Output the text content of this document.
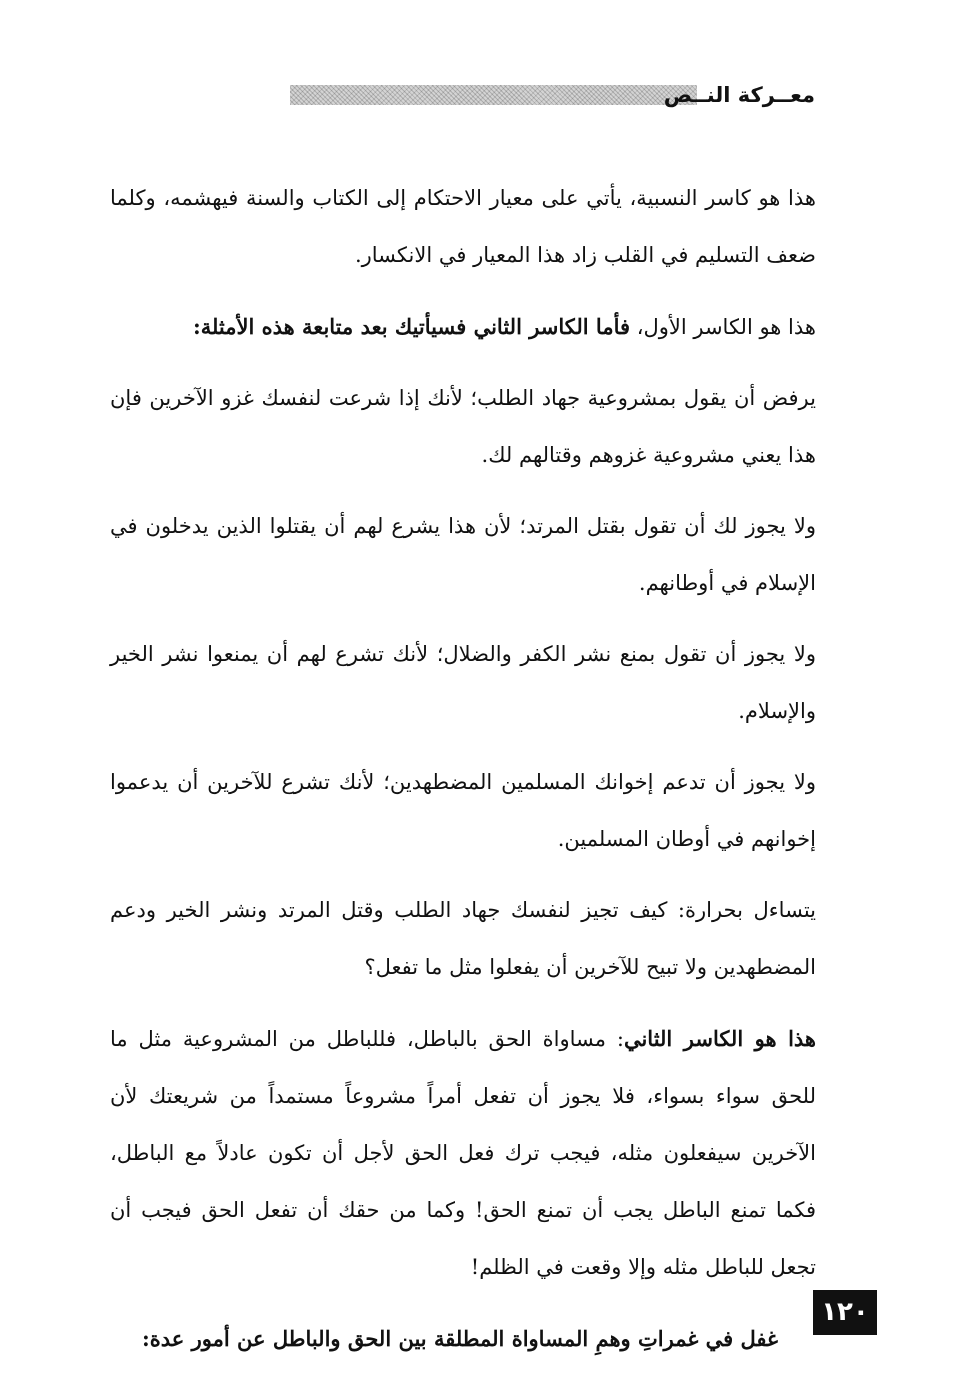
معــركة النــص

هذا هو كاسر النسبية، يأتي على معيار الاحتكام إلى الكتاب والسنة فيهشمه، وكلما ضعف التسليم في القلب زاد هذا المعيار في الانكسار.

هذا هو الكاسر الأول، فأما الكاسر الثاني فسيأتيك بعد متابعة هذه الأمثلة:

يرفض أن يقول بمشروعية جهاد الطلب؛ لأنك إذا شرعت لنفسك غزو الآخرين فإن هذا يعني مشروعية غزوهم وقتالهم لك.

ولا يجوز لك أن تقول بقتل المرتد؛ لأن هذا يشرع لهم أن يقتلوا الذين يدخلون في الإسلام في أوطانهم.

ولا يجوز أن تقول بمنع نشر الكفر والضلال؛ لأنك تشرع لهم أن يمنعوا نشر الخير والإسلام.

ولا يجوز أن تدعم إخوانك المسلمين المضطهدين؛ لأنك تشرع للآخرين أن يدعموا إخوانهم في أوطان المسلمين.

يتساءل بحرارة: كيف تجيز لنفسك جهاد الطلب وقتل المرتد ونشر الخير ودعم المضطهدين ولا تبيح للآخرين أن يفعلوا مثل ما تفعل؟

هذا هو الكاسر الثاني: مساواة الحق بالباطل، فللباطل من المشروعية مثل ما للحق سواء بسواء، فلا يجوز أن تفعل أمراً مشروعاً مستمداً من شريعتك لأن الآخرين سيفعلون مثله، فيجب ترك فعل الحق لأجل أن تكون عادلاً مع الباطل، فكما تمنع الباطل يجب أن تمنع الحق! وكما من حقك أن تفعل الحق فيجب أن تجعل للباطل مثله وإلا وقعت في الظلم!

غفل في غمراتِ وهمِ المساواة المطلقة بين الحق والباطل عن أمور عدة:

١٢٠
